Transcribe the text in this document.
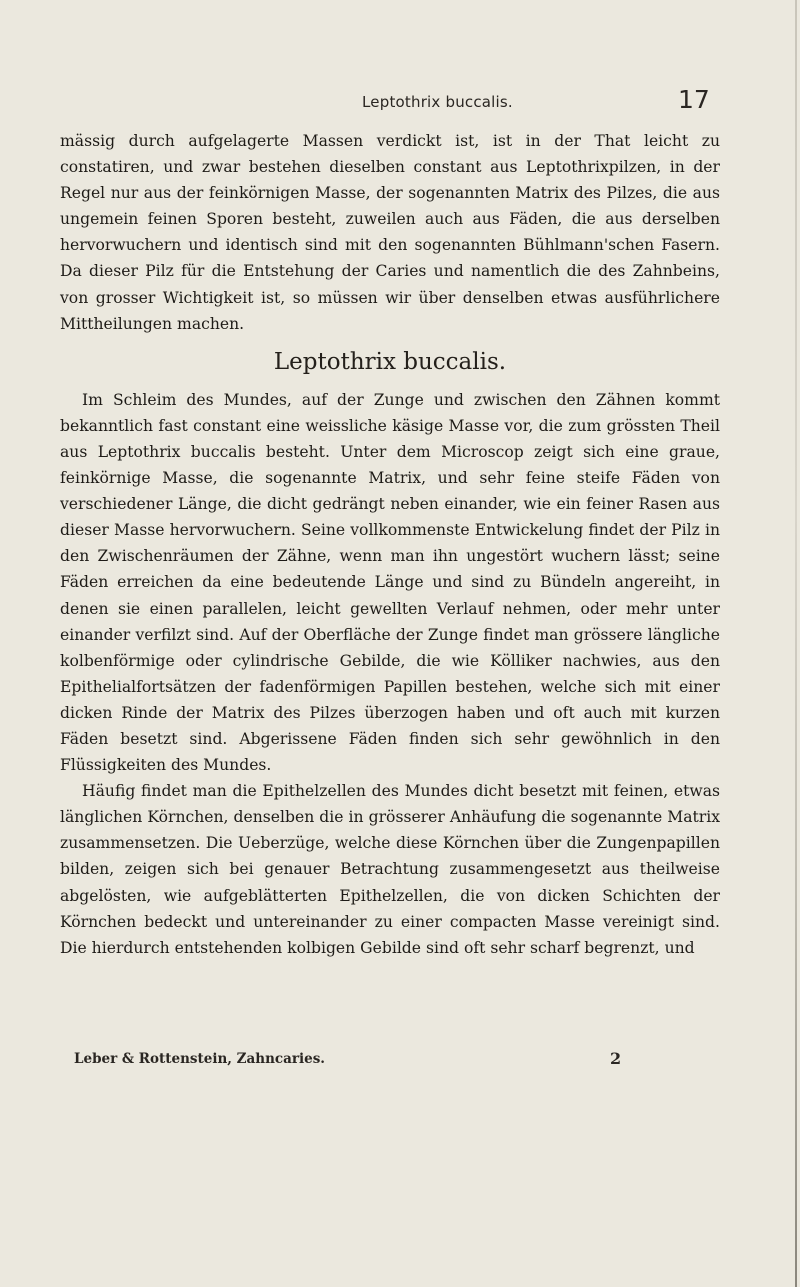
Leptothrix buccalis.	17

mässig durch aufgelagerte Massen verdickt ist, ist in der That leicht zu constatiren, und zwar bestehen dieselben constant aus Leptothrixpilzen, in der Regel nur aus der feinkörnigen Masse, der sogenannten Matrix des Pilzes, die aus ungemein feinen Sporen besteht, zuweilen auch aus Fäden, die aus derselben hervorwuchern und identisch sind mit den sogenannten Bühlmann'schen Fasern. Da dieser Pilz für die Entstehung der Caries und namentlich die des Zahnbeins, von grosser Wichtigkeit ist, so müssen wir über denselben etwas ausführlichere Mittheilungen machen.

Leptothrix buccalis.

Im Schleim des Mundes, auf der Zunge und zwischen den Zähnen kommt bekanntlich fast constant eine weissliche käsige Masse vor, die zum grössten Theil aus Leptothrix buccalis besteht. Unter dem Microscop zeigt sich eine graue, feinkörnige Masse, die sogenannte Matrix, und sehr feine steife Fäden von verschiedener Länge, die dicht gedrängt neben einander, wie ein feiner Rasen aus dieser Masse hervorwuchern. Seine vollkommenste Entwickelung findet der Pilz in den Zwischenräumen der Zähne, wenn man ihn ungestört wuchern lässt; seine Fäden erreichen da eine bedeutende Länge und sind zu Bündeln angereiht, in denen sie einen parallelen, leicht gewellten Verlauf nehmen, oder mehr unter einander verfilzt sind. Auf der Oberfläche der Zunge findet man grössere längliche kolbenförmige oder cylindrische Gebilde, die wie Kölliker nachwies, aus den Epithelialfortsätzen der fadenförmigen Papillen bestehen, welche sich mit einer dicken Rinde der Matrix des Pilzes überzogen haben und oft auch mit kurzen Fäden besetzt sind. Abgerissene Fäden finden sich sehr gewöhnlich in den Flüssigkeiten des Mundes.

Häufig findet man die Epithelzellen des Mundes dicht besetzt mit feinen, etwas länglichen Körnchen, denselben die in grösserer Anhäufung die sogenannte Matrix zusammensetzen. Die Ueberzüge, welche diese Körnchen über die Zungenpapillen bilden, zeigen sich bei genauer Betrachtung zusammengesetzt aus theilweise abgelösten, wie aufgeblätterten Epithelzellen, die von dicken Schichten der Körnchen bedeckt und untereinander zu einer compacten Masse vereinigt sind. Die hierdurch entstehenden kolbigen Gebilde sind oft sehr scharf begrenzt, und

Leber & Rottenstein, Zahncaries.	2
